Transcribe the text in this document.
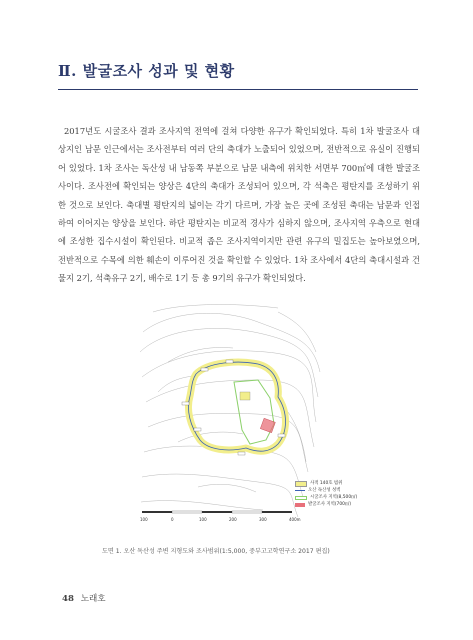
Ⅱ. 발굴조사 성과 및 현황

2017년도 시굴조사 결과 조사지역 전역에 걸쳐 다양한 유구가 확인되었다. 특히 1차 발굴조사 대상지인 남문 인근에서는 조사전부터 여러 단의 축대가 노출되어 있었으며, 전반적으로 유실이 진행되어 있었다. 1차 조사는 독산성 내 남동쪽 부분으로 남문 내측에 위치한 서면부 700㎡에 대한 발굴조사이다. 조사전에 확인되는 양상은 4단의 축대가 조성되어 있으며, 각 석축은 평탄지를 조성하기 위한 것으로 보인다. 축대별 평탄지의 넓이는 각기 다르며, 가장 높은 곳에 조성된 축대는 남문과 인접하여 이어지는 양상을 보인다. 하단 평탄지는 비교적 경사가 심하지 않으며, 조사지역 우측으로 현대에 조성한 집수시설이 확인된다. 비교적 좁은 조사지역이지만 관련 유구의 밀집도는 높아보였으며, 전반적으로 수목에 의한 훼손이 이루어진 것을 확인할 수 있었다. 1차 조사에서 4단의 축대시설과 건물지 2기, 석축유구 2기, 배수로 1기 등 총 9기의 유구가 확인되었다.

사적 140호 범위
오산 독산성 성벽
시굴조사 지역(8,500㎡)
발굴조사 지역(700㎡)
100	0	100	200	300	400m
도면 1. 오산 독산성 주변 지형도와 조사범위(1:5,000, 중부고고학연구소 2017 편집)
48 노래호
